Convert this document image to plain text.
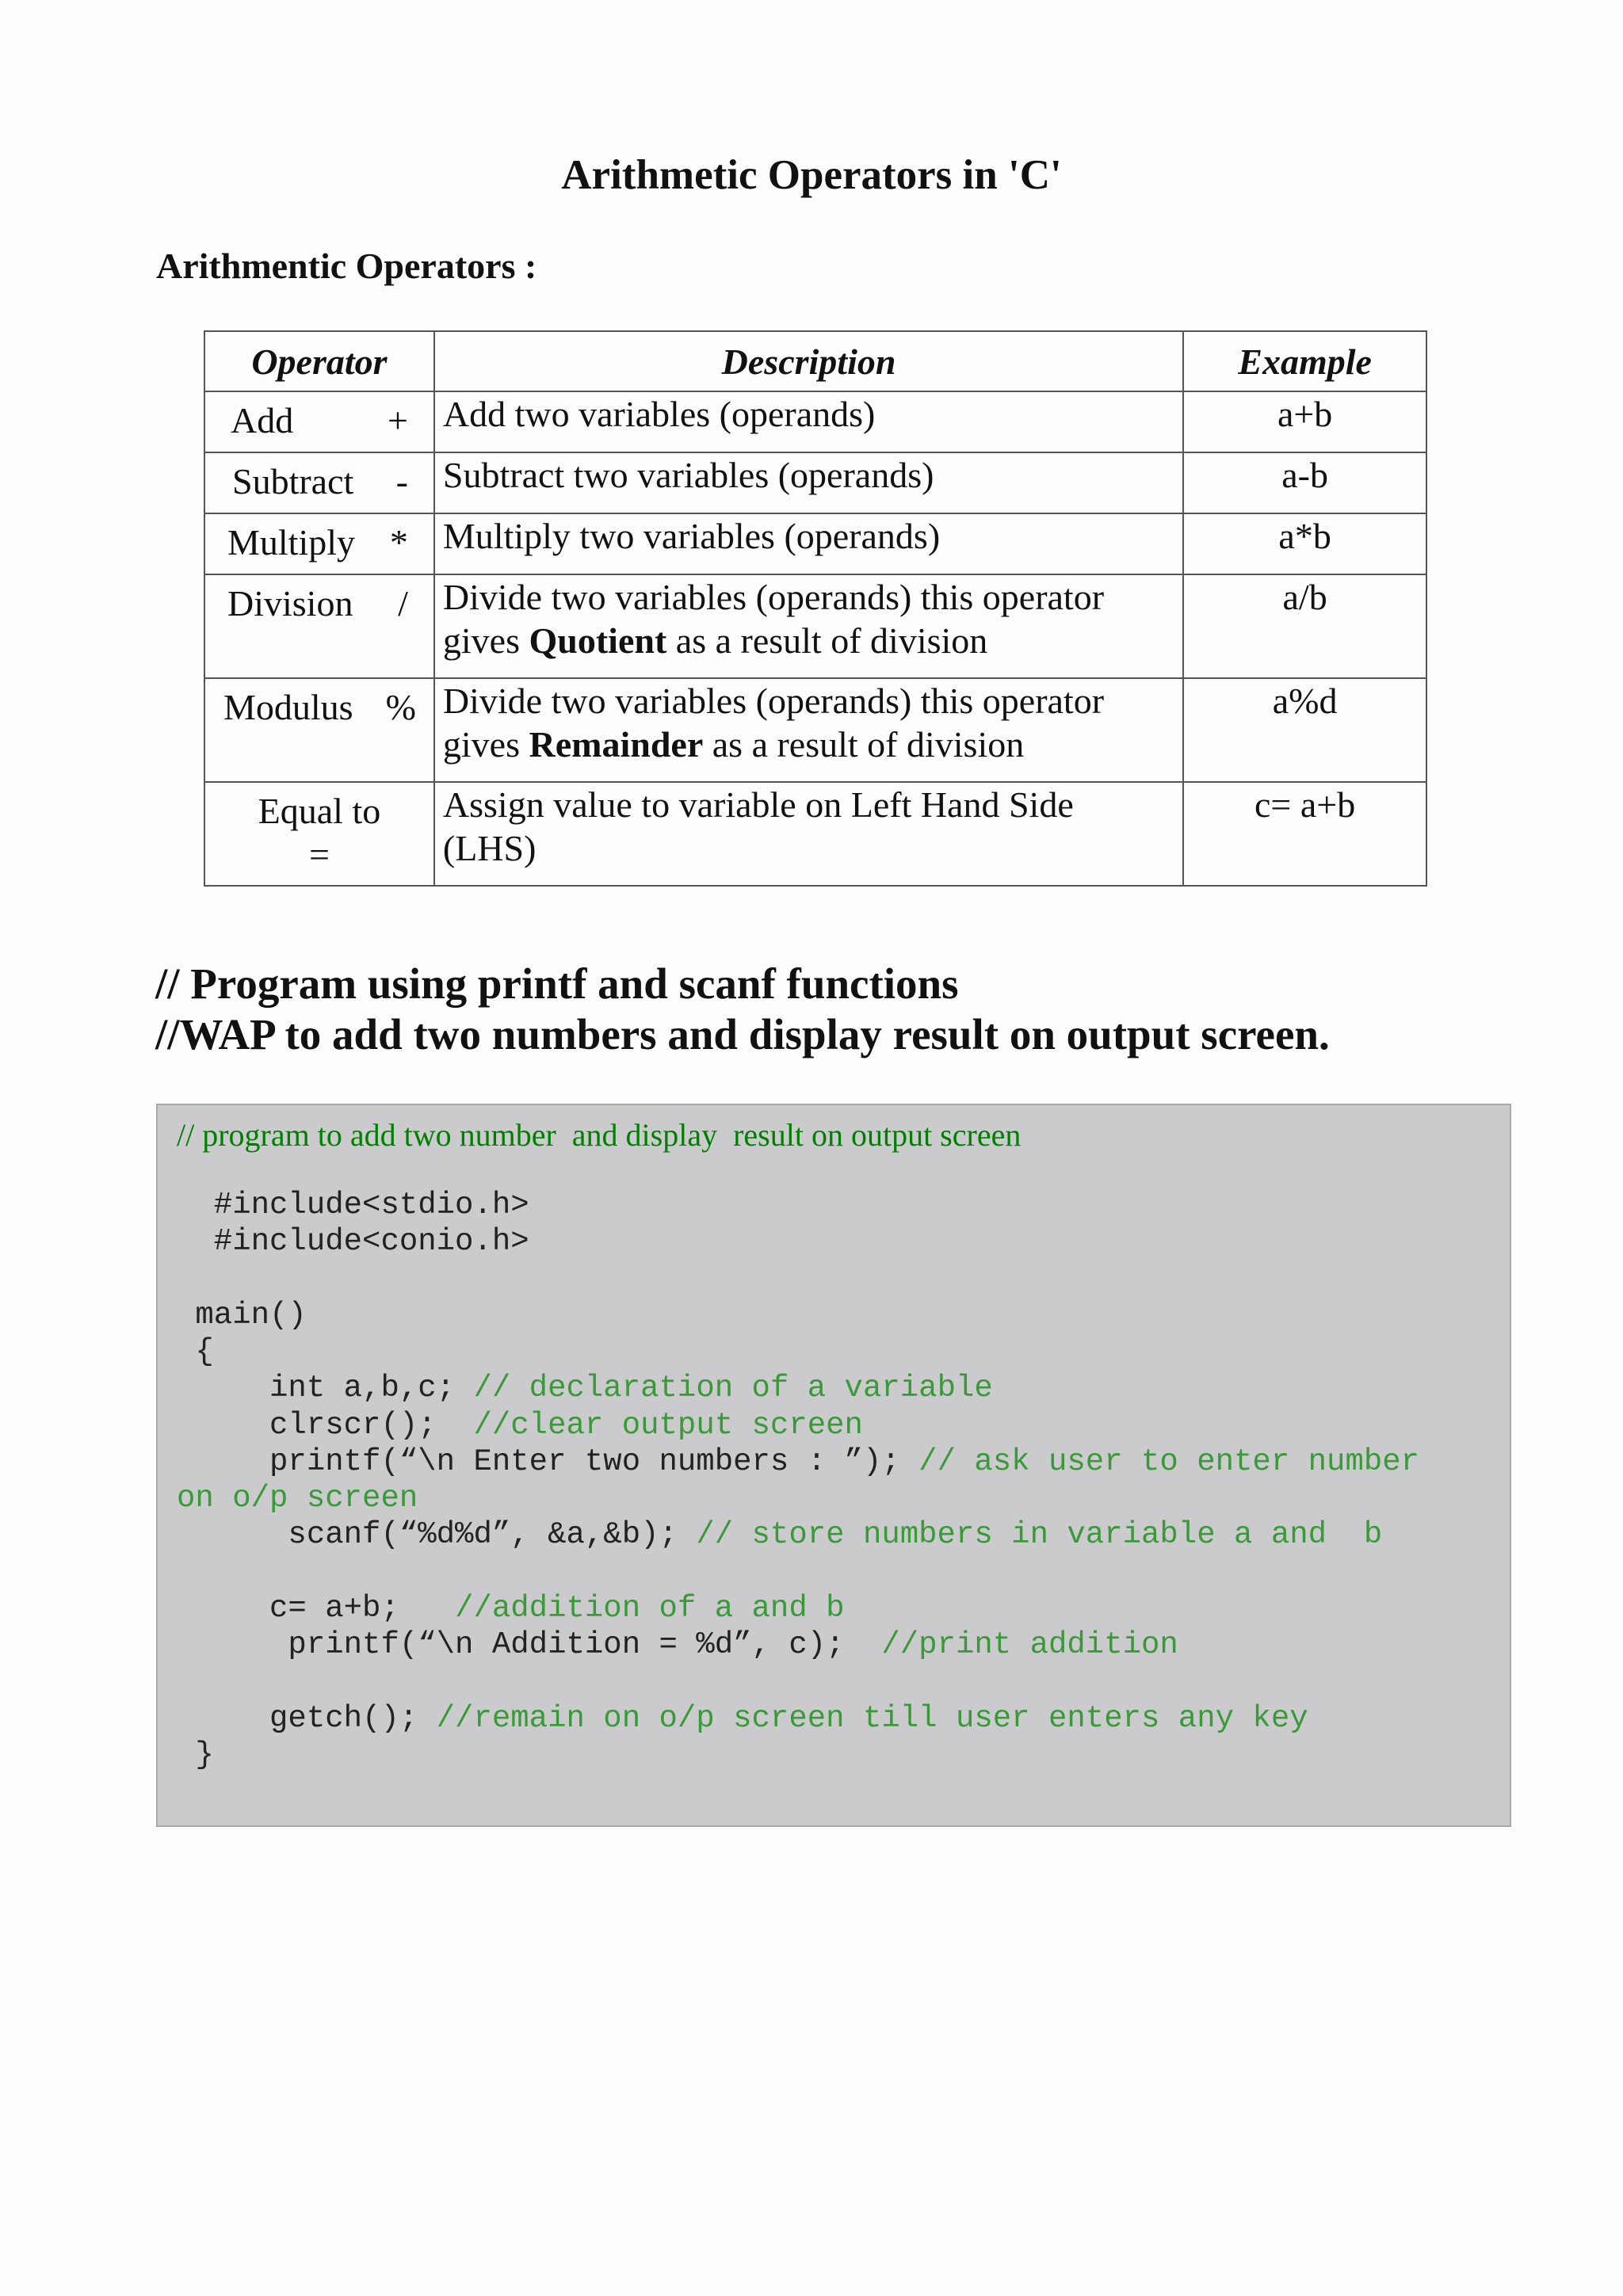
Arithmetic Operators in 'C'
Arithmentic Operators :
Operator	Description	Example

Add +	Add two variables (operands)	a+b

Subtract -	Subtract two variables (operands)	a-b

Multiply *	Multiply two variables (operands)	a*b

Division /	Divide two variables (operands) this operator gives Quotient as a result of division	a/b

Modulus %	Divide two variables (operands) this operator gives Remainder as a result of division	a%d

Equal to
=	Assign value to variable on Left Hand Side (LHS)	c= a+b
// Program using printf and scanf functions
//WAP to add two numbers and display result on output screen.
// program to add two number  and display  result on output screen
#include<stdio.h>
#include<conio.h>
main()
{
int a,b,c; // declaration of a variable
clrscr();  //clear output screen
printf(“\n Enter two numbers : ”); // ask user to enter number
on o/p screen
scanf(“%d%d”, &a,&b); // store numbers in variable a and  b
c= a+b;   //addition of a and b
printf(“\n Addition = %d”, c);  //print addition
getch(); //remain on o/p screen till user enters any key
}
